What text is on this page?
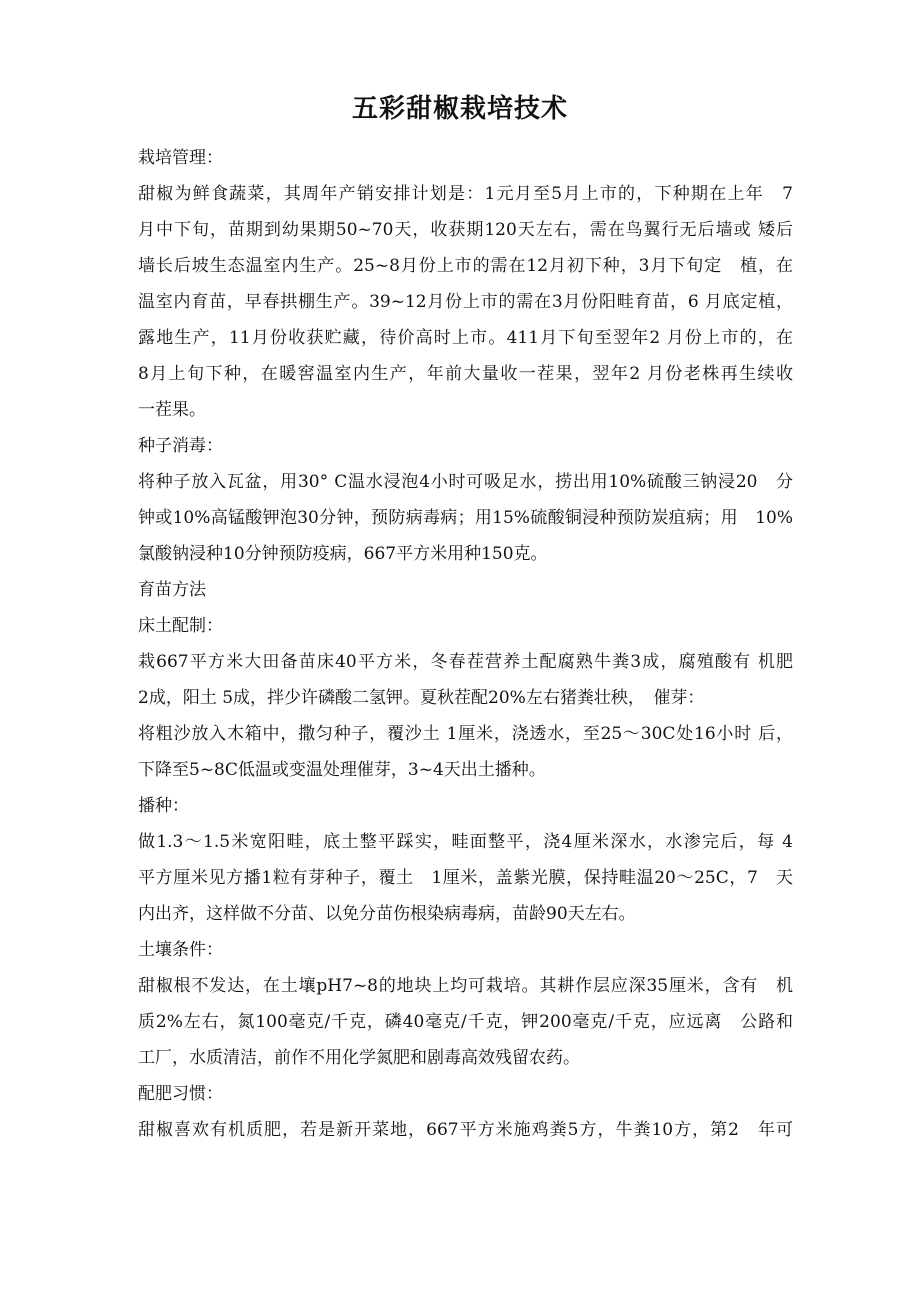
五彩甜椒栽培技术
栽培管理：
甜椒为鲜食蔬菜，其周年产销安排计划是：1元月至5月上市的，下种期在上年　7
月中下旬，苗期到幼果期50~70天，收获期120天左右，需在鸟翼行无后墙或 矮后
墙长后坡生态温室内生产。25~8月份上市的需在12月初下种，3月下旬定　植，在
温室内育苗，早春拱棚生产。39~12月份上市的需在3月份阳畦育苗，6 月底定植，
露地生产，11月份收获贮藏，待价高时上市。411月下旬至翌年2 月份上市的，在
8月上旬下种，在暖窖温室内生产，年前大量收一茬果，翌年2 月份老株再生续收
一茬果。
种子消毒：
将种子放入瓦盆，用30° C温水浸泡4小时可吸足水，捞出用10%硫酸三钠浸20　分
钟或10%高锰酸钾泡30分钟，预防病毒病；用15%硫酸铜浸种预防炭疽病；用　10%
氯酸钠浸种10分钟预防疫病，667平方米用种150克。
育苗方法
床土配制：
栽667平方米大田备苗床40平方米，冬春茬营养土配腐熟牛粪3成，腐殖酸有 机肥
2成，阳土 5成，拌少许磷酸二氢钾。夏秋茬配20%左右猪粪壮秧，　催芽：
将粗沙放入木箱中，撒匀种子，覆沙土 1厘米，浇透水，至25～30C处16小时 后，
下降至5~8C低温或变温处理催芽，3~4天出土播种。
播种：
做1.3～1.5米宽阳畦，底土整平踩实，畦面整平，浇4厘米深水，水渗完后，每 4
平方厘米见方播1粒有芽种子，覆土　1厘米，盖紫光膜，保持畦温20～25C，7　天
内出齐，这样做不分苗、以免分苗伤根染病毒病，苗龄90天左右。
土壤条件：
甜椒根不发达，在土壤pH7~8的地块上均可栽培。其耕作层应深35厘米，含有　机
质2%左右，氮100毫克/千克，磷40毫克/千克，钾200毫克/千克，应远离　公路和
工厂，水质清洁，前作不用化学氮肥和剧毒高效残留农药。
配肥习惯：
甜椒喜欢有机质肥，若是新开菜地，667平方米施鸡粪5方，牛粪10方，第2　年可
